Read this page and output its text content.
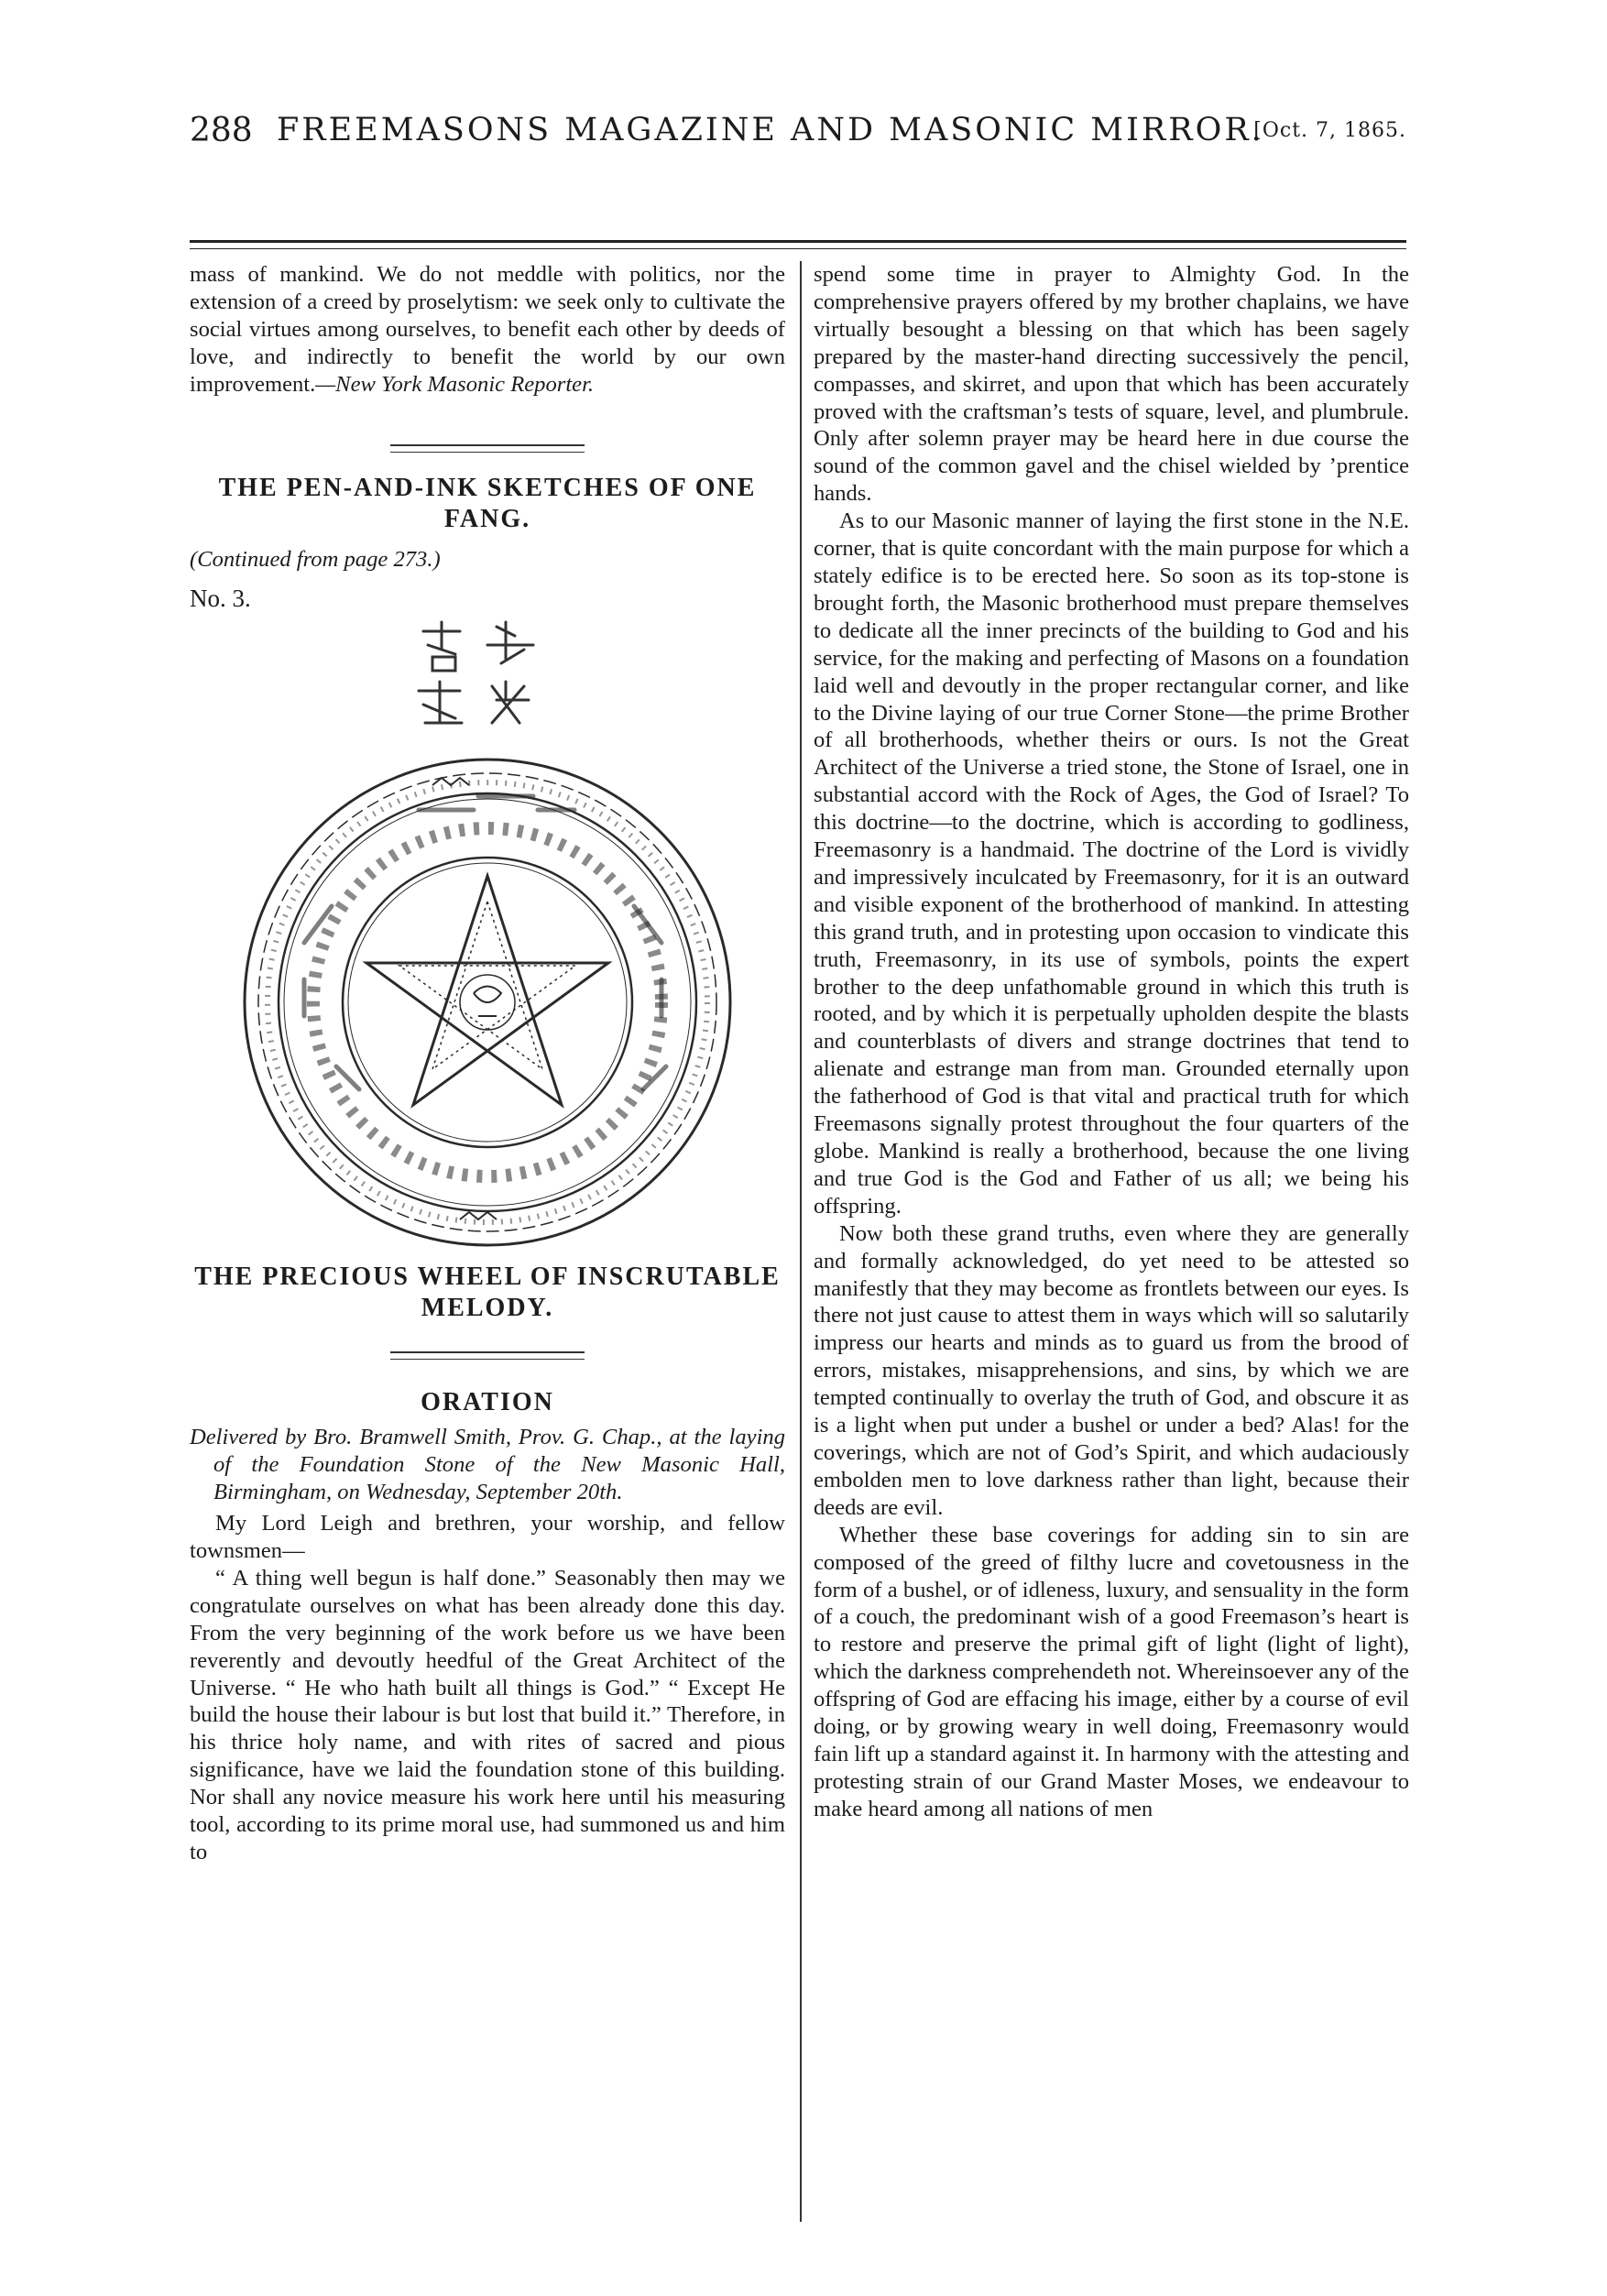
288 FREEMASONS MAGAZINE AND MASONIC MIRROR.
[Oct. 7, 1865.

mass of mankind. We do not meddle with politics, nor the extension of a creed by proselytism: we seek only to cultivate the social virtues among ourselves, to benefit each other by deeds of love, and indirectly to benefit the world by our own improvement.—New York Masonic Reporter.

THE PEN-AND-INK SKETCHES OF ONE FANG.

(Continued from page 273.)

No. 3.

THE PRECIOUS WHEEL OF INSCRUTABLE MELODY.
ORATION

Delivered by Bro. Bramwell Smith, Prov. G. Chap., at the laying of the Foundation Stone of the New Masonic Hall, Birmingham, on Wednesday, September 20th.

My Lord Leigh and brethren, your worship, and fellow townsmen—

“ A thing well begun is half done.” Seasonably then may we congratulate ourselves on what has been already done this day. From the very beginning of the work before us we have been reverently and devoutly heedful of the Great Architect of the Universe. “ He who hath built all things is God.” “ Except He build the house their labour is but lost that build it.” Therefore, in his thrice holy name, and with rites of sacred and pious significance, have we laid the foundation stone of this building. Nor shall any novice measure his work here until his measuring tool, according to its prime moral use, had summoned us and him to

spend some time in prayer to Almighty God. In the comprehensive prayers offered by my brother chaplains, we have virtually besought a blessing on that which has been sagely prepared by the master-hand directing successively the pencil, compasses, and skirret, and upon that which has been accurately proved with the craftsman’s tests of square, level, and plumbrule. Only after solemn prayer may be heard here in due course the sound of the common gavel and the chisel wielded by ’prentice hands.

As to our Masonic manner of laying the first stone in the N.E. corner, that is quite concordant with the main purpose for which a stately edifice is to be erected here. So soon as its top-stone is brought forth, the Masonic brotherhood must prepare themselves to dedicate all the inner precincts of the building to God and his service, for the making and perfecting of Masons on a foundation laid well and devoutly in the proper rectangular corner, and like to the Divine laying of our true Corner Stone—the prime Brother of all brotherhoods, whether theirs or ours. Is not the Great Architect of the Universe a tried stone, the Stone of Israel, one in substantial accord with the Rock of Ages, the God of Israel? To this doctrine—to the doctrine, which is according to godliness, Freemasonry is a handmaid. The doctrine of the Lord is vividly and impressively inculcated by Freemasonry, for it is an outward and visible exponent of the brotherhood of mankind. In attesting this grand truth, and in protesting upon occasion to vindicate this truth, Freemasonry, in its use of symbols, points the expert brother to the deep unfathomable ground in which this truth is rooted, and by which it is perpetually upholden despite the blasts and counterblasts of divers and strange doctrines that tend to alienate and estrange man from man. Grounded eternally upon the fatherhood of God is that vital and practical truth for which Freemasons signally protest throughout the four quarters of the globe. Mankind is really a brotherhood, because the one living and true God is the God and Father of us all; we being his offspring.

Now both these grand truths, even where they are generally and formally acknowledged, do yet need to be attested so manifestly that they may become as frontlets between our eyes. Is there not just cause to attest them in ways which will so salutarily impress our hearts and minds as to guard us from the brood of errors, mistakes, misapprehensions, and sins, by which we are tempted continually to overlay the truth of God, and obscure it as is a light when put under a bushel or under a bed? Alas! for the coverings, which are not of God’s Spirit, and which audaciously embolden men to love darkness rather than light, because their deeds are evil.

Whether these base coverings for adding sin to sin are composed of the greed of filthy lucre and covetousness in the form of a bushel, or of idleness, luxury, and sensuality in the form of a couch, the predominant wish of a good Freemason’s heart is to restore and preserve the primal gift of light (light of light), which the darkness comprehendeth not. Whereinsoever any of the offspring of God are effacing his image, either by a course of evil doing, or by growing weary in well doing, Freemasonry would fain lift up a standard against it. In harmony with the attesting and protesting strain of our Grand Master Moses, we endeavour to make heard among all nations of men
